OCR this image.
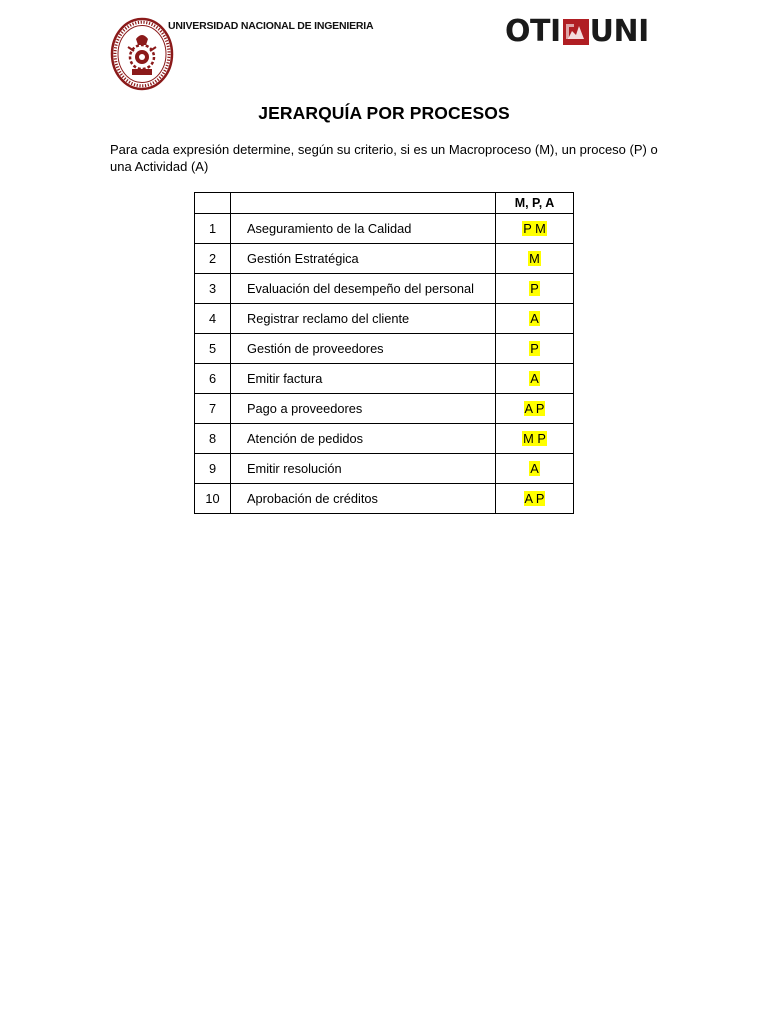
UNIVERSIDAD NACIONAL DE INGENIERIA	OTI UNI
JERARQUÍA POR PROCESOS
Para cada expresión determine, según su criterio, si es un Macroproceso (M), un proceso (P) o una Actividad (A)
		M, P, A
1	Aseguramiento de la Calidad	P M
2	Gestión Estratégica	M
3	Evaluación del desempeño del personal	P
4	Registrar reclamo del cliente	A
5	Gestión de proveedores	P
6	Emitir factura	A
7	Pago a proveedores	A P
8	Atención de pedidos	M P
9	Emitir resolución	A
10	Aprobación de créditos	A P
